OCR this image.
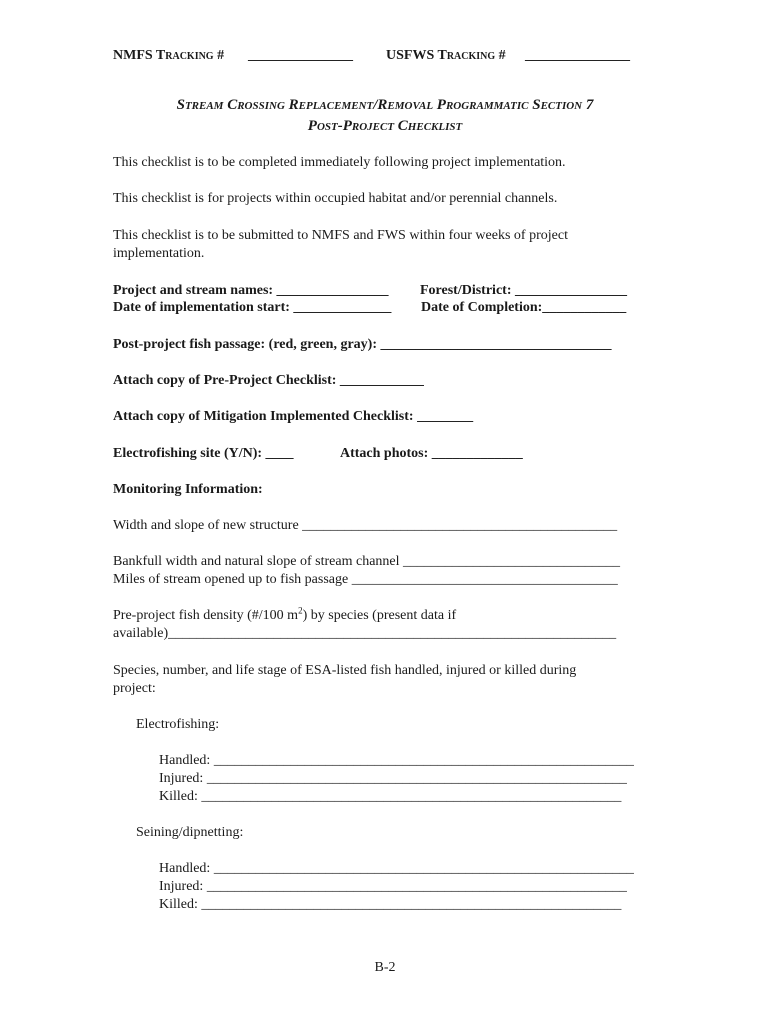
NMFS Tracking # _______________ USFWS Tracking # _______________
Stream Crossing Replacement/Removal Programmatic Section 7
Post-Project Checklist
This checklist is to be completed immediately following project implementation.
This checklist is for projects within occupied habitat and/or perennial channels.
This checklist is to be submitted to NMFS and FWS within four weeks of project
implementation.
Project and stream names: ________________ Forest/District: ________________
Date of implementation start: ______________ Date of Completion:____________
Post-project fish passage: (red, green, gray): _________________________________
Attach copy of Pre-Project Checklist: ____________
Attach copy of Mitigation Implemented Checklist: ________
Electrofishing site (Y/N): ____	Attach photos: _____________
Monitoring Information:
Width and slope of new structure _____________________________________________
Bankfull width and natural slope of stream channel _______________________________
Miles of stream opened up to fish passage ______________________________________
Pre-project fish density (#/100 $m^2$) by species (present data if
available)________________________________________________________________
Species, number, and life stage of ESA-listed fish handled, injured or killed during
project:
Electrofishing:
Handled: ____________________________________________________________
Injured: ____________________________________________________________
Killed: ____________________________________________________________
Seining/dipnetting:
Handled: ____________________________________________________________
Injured: ____________________________________________________________
Killed: ____________________________________________________________
B-2
